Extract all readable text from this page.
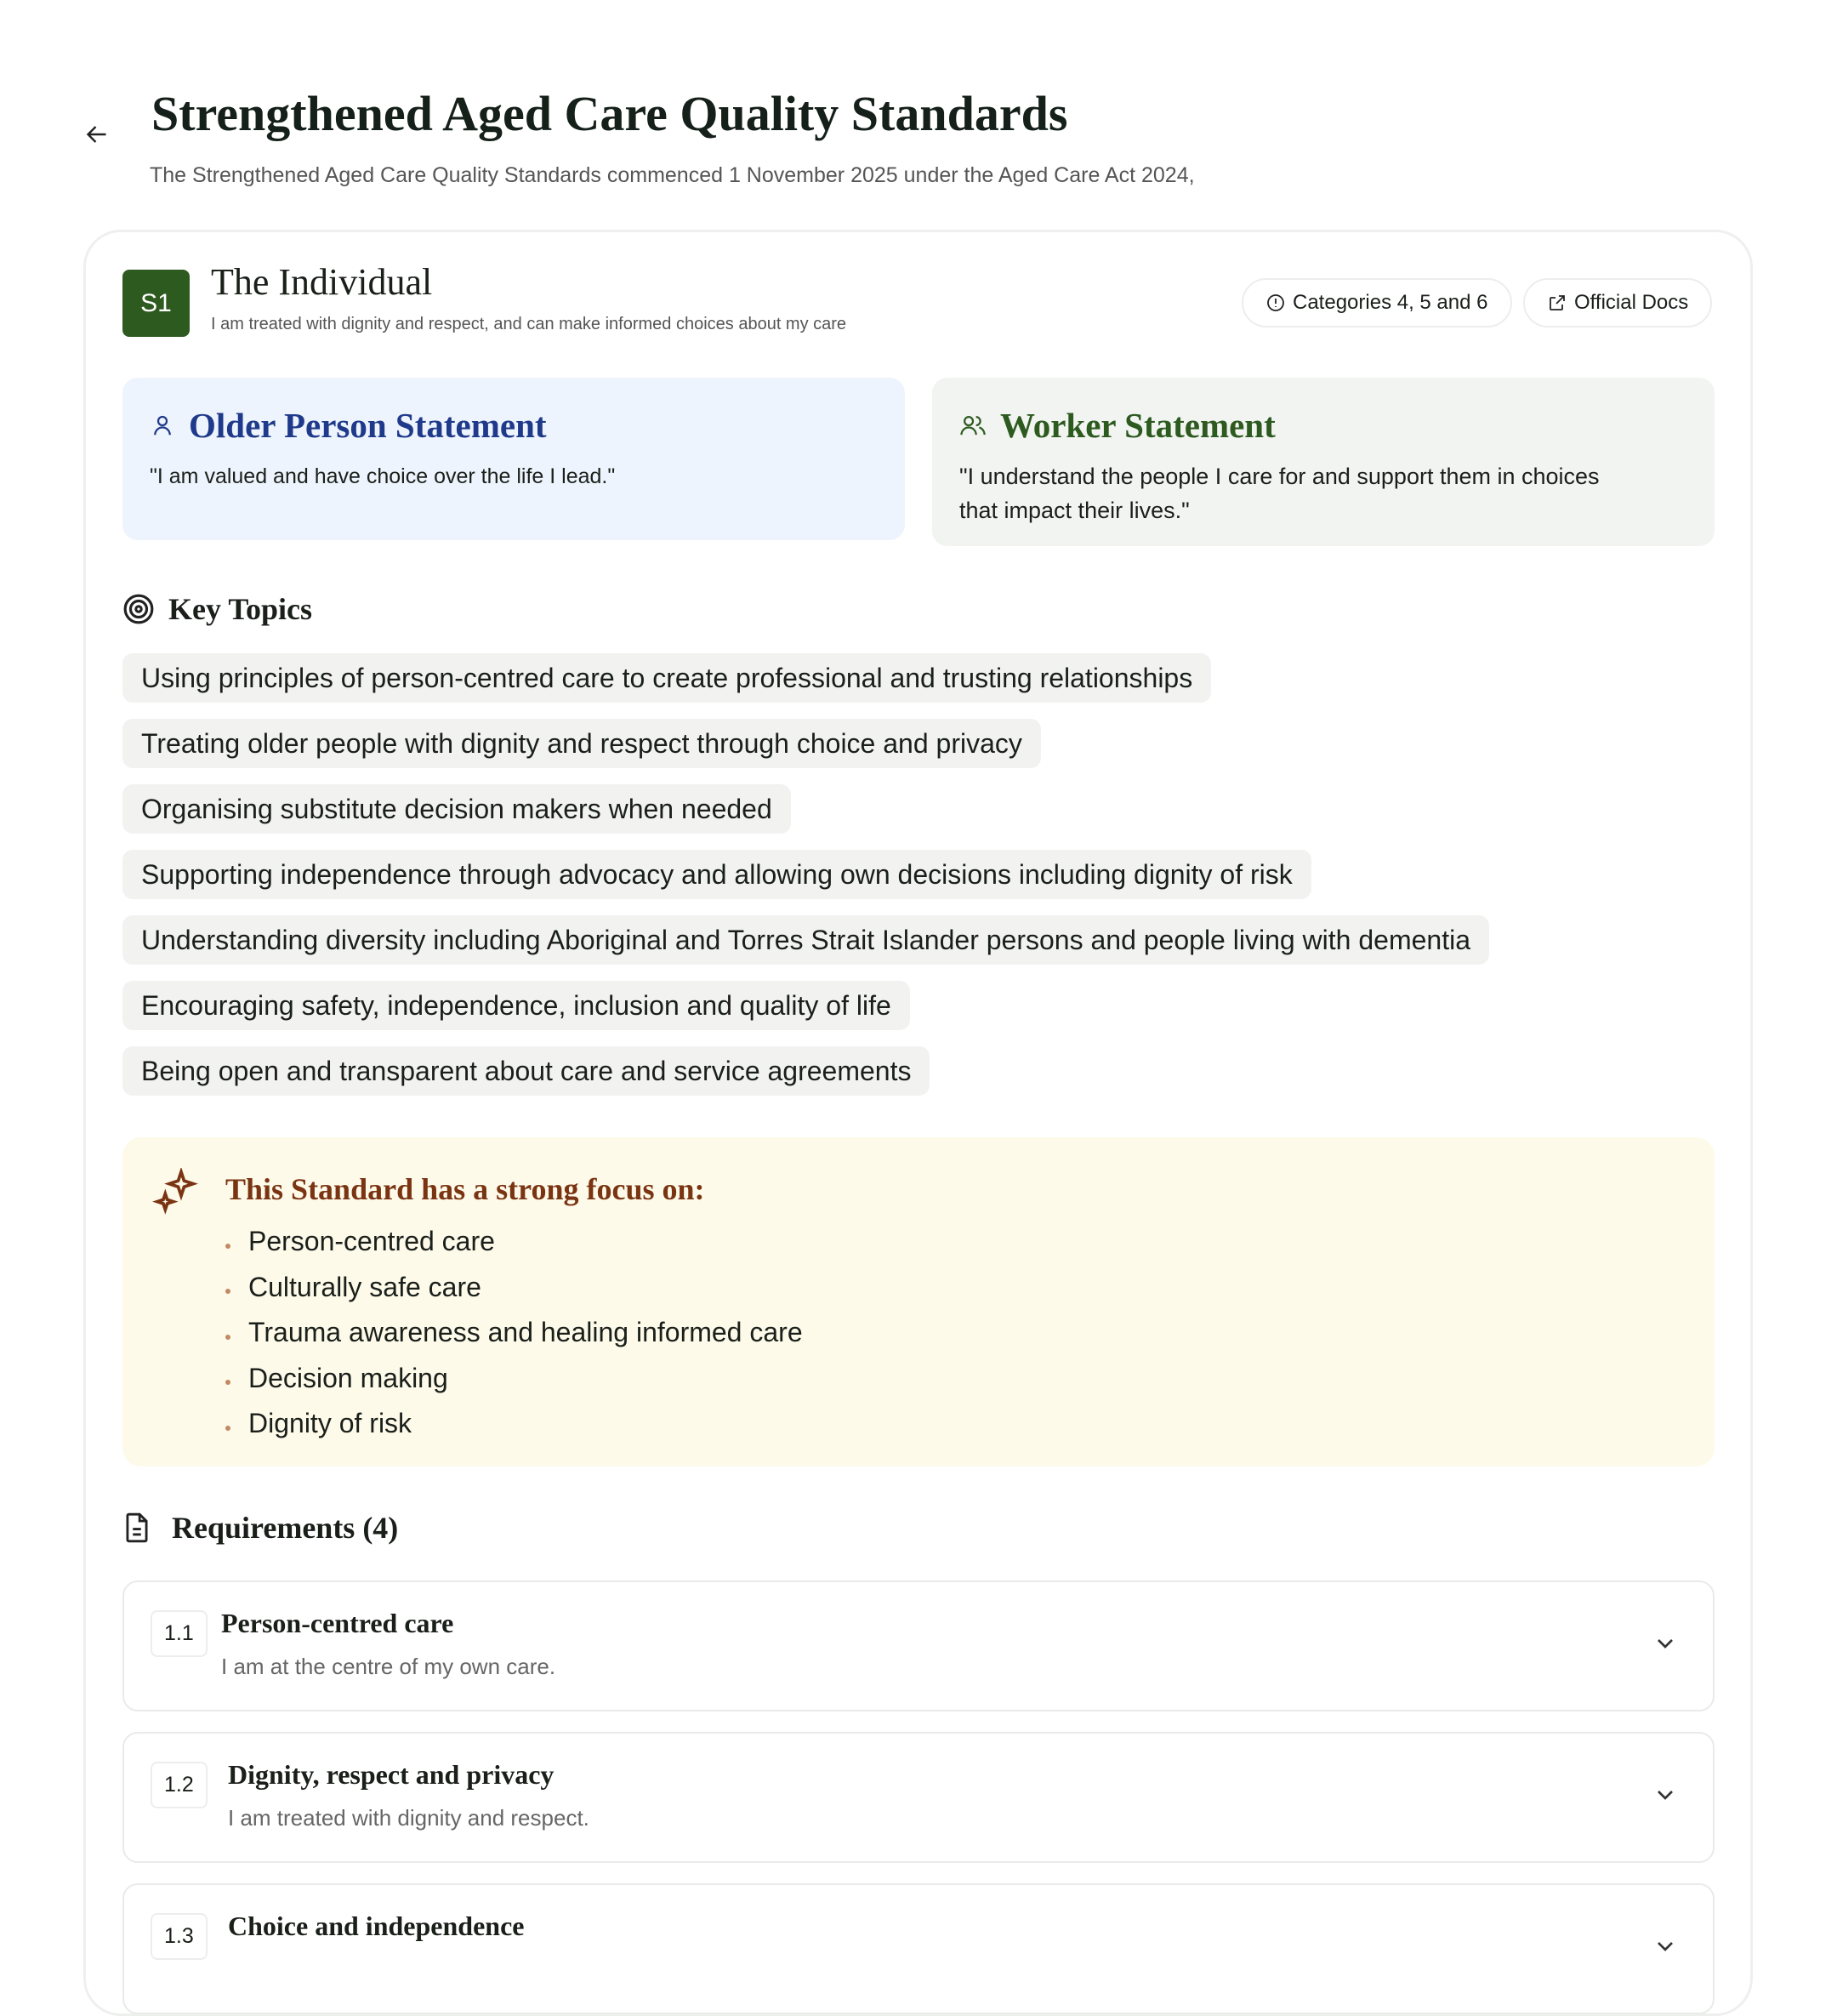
Strengthened Aged Care Quality Standards

The Strengthened Aged Care Quality Standards commenced 1 November 2025 under the Aged Care Act 2024,

S1	The Individual
I am treated with dignity and respect, and can make informed choices about my care
Categories 4, 5 and 6	Official Docs
Older Person Statement

"I am valued and have choice over the life I lead."

Worker Statement

"I understand the people I care for and support them in choices that impact their lives."

Key Topics
Using principles of person-centred care to create professional and trusting relationships
Treating older people with dignity and respect through choice and privacy
Organising substitute decision makers when needed
Supporting independence through advocacy and allowing own decisions including dignity of risk
Understanding diversity including Aboriginal and Torres Strait Islander persons and people living with dementia
Encouraging safety, independence, inclusion and quality of life
Being open and transparent about care and service agreements
This Standard has a strong focus on:
Person-centred care
Culturally safe care
Trauma awareness and healing informed care
Decision making
Dignity of risk
Requirements (4)
1.1	Person-centred care
I am at the centre of my own care.
1.2	Dignity, respect and privacy
I am treated with dignity and respect.
1.3	Choice and independence
